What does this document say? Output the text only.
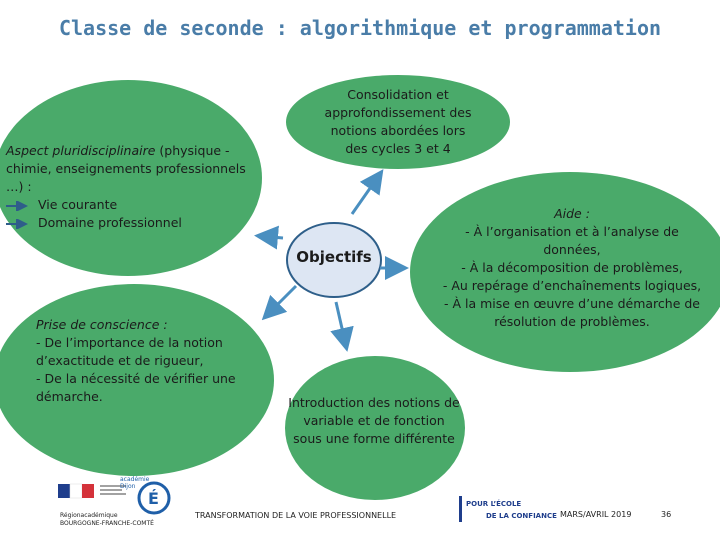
Classe de seconde : algorithmique et programmation
Consolidation et approfondissement des notions abordées lors des cycles 3 et 4
Aspect pluridisciplinaire (physique -chimie, enseignements professionnels …) :
Vie courante
Domaine professionnel
Aide :
- À l’organisation et à l’analyse de
données,
- À la décomposition de problèmes,
- Au repérage d’enchaînements logiques,
- À la mise en œuvre d’une démarche de
résolution de problèmes.
Prise de conscience :
- De l’importance de la notion
d’exactitude et de rigueur,
- De la nécessité de vérifier une
démarche.	Introduction des notions de variable et de fonction sous une forme différente
Objectifs
É
académie Dijon
Régionacadémique
BOURGOGNE-FRANCHE-COMTÉ
TRANSFORMATION DE LA VOIE PROFESSIONNELLE
POUR L’ÉCOLE
DE LA CONFIANCE MARS/AVRIL 2019	36
